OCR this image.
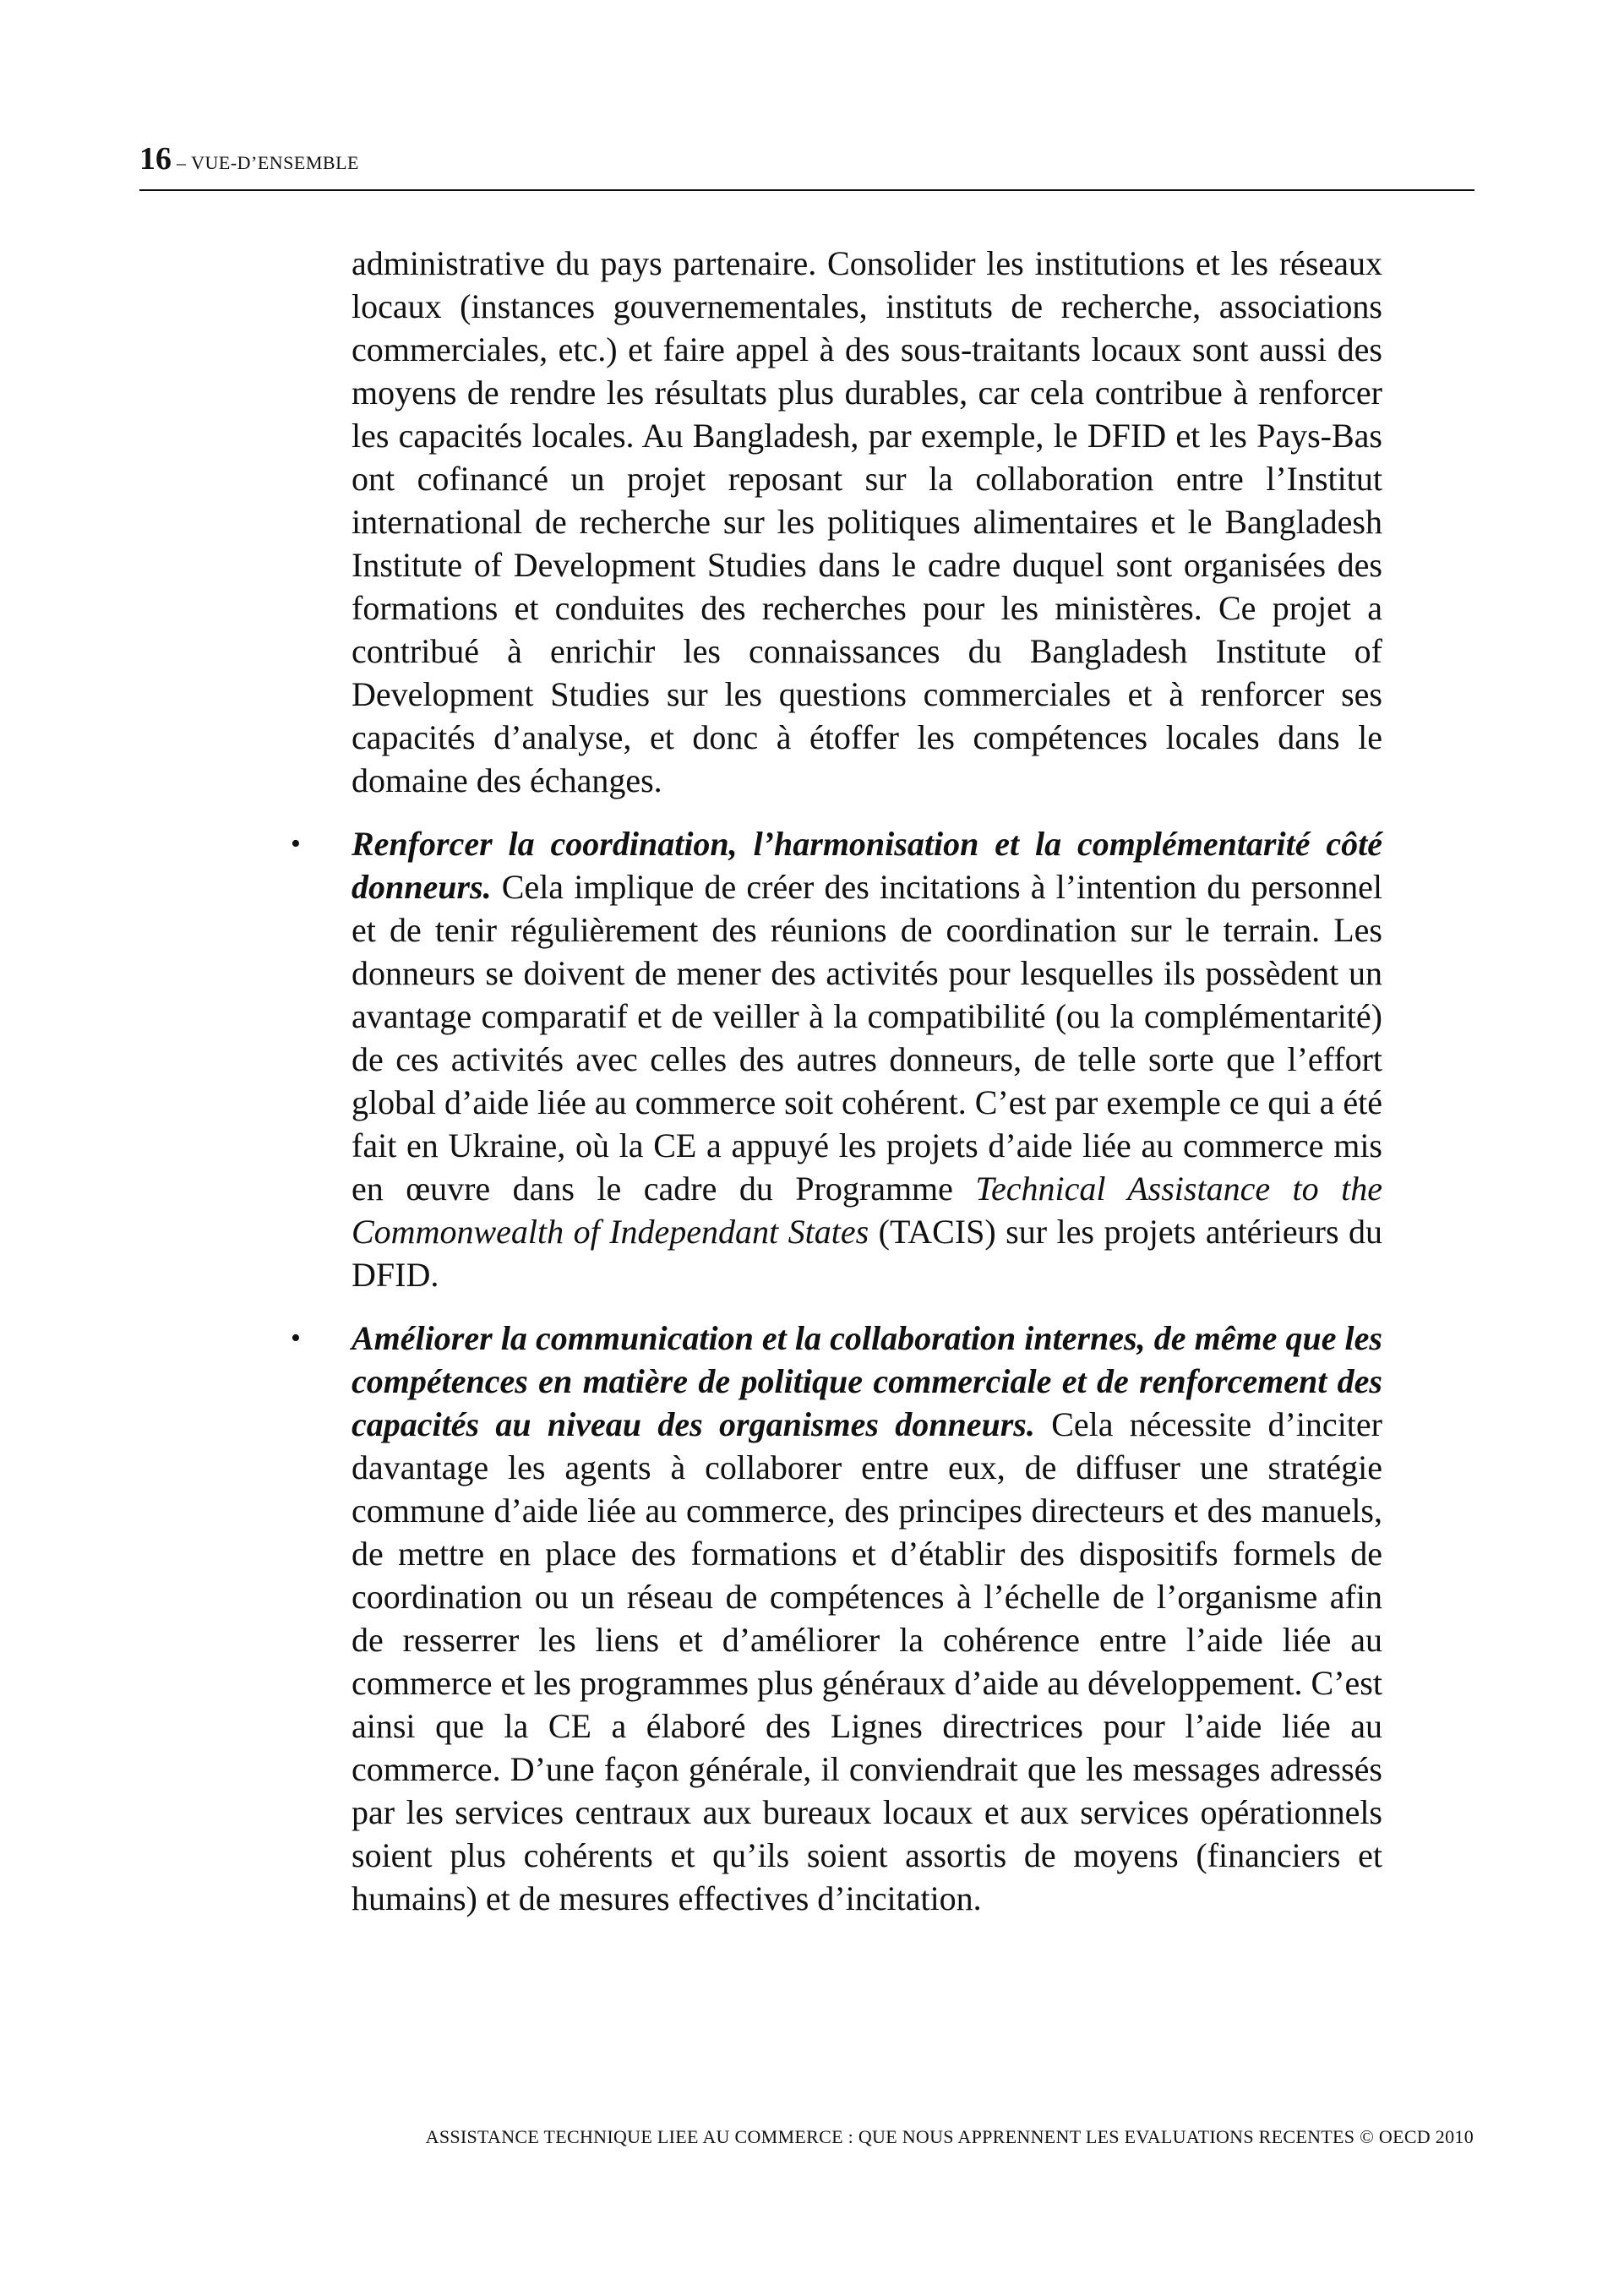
16 – VUE-D’ENSEMBLE

administrative du pays partenaire. Consolider les institutions et les réseaux locaux (instances gouvernementales, instituts de recherche, associations commerciales, etc.) et faire appel à des sous-traitants locaux sont aussi des moyens de rendre les résultats plus durables, car cela contribue à renforcer les capacités locales. Au Bangladesh, par exemple, le DFID et les Pays-Bas ont cofinancé un projet reposant sur la collaboration entre l’Institut international de recherche sur les politiques alimentaires et le Bangladesh Institute of Development Studies dans le cadre duquel sont organisées des formations et conduites des recherches pour les ministères. Ce projet a contribué à enrichir les connaissances du Bangladesh Institute of Development Studies sur les questions commerciales et à renforcer ses capacités d’analyse, et donc à étoffer les compétences locales dans le domaine des échanges.

• Renforcer la coordination, l’harmonisation et la complémentarité côté donneurs. Cela implique de créer des incitations à l’intention du personnel et de tenir régulièrement des réunions de coordination sur le terrain. Les donneurs se doivent de mener des activités pour lesquelles ils possèdent un avantage comparatif et de veiller à la compatibilité (ou la complémentarité) de ces activités avec celles des autres donneurs, de telle sorte que l’effort global d’aide liée au commerce soit cohérent. C’est par exemple ce qui a été fait en Ukraine, où la CE a appuyé les projets d’aide liée au commerce mis en œuvre dans le cadre du Programme Technical Assistance to the Commonwealth of Independant States (TACIS) sur les projets antérieurs du DFID.

• Améliorer la communication et la collaboration internes, de même que les compétences en matière de politique commerciale et de renforcement des capacités au niveau des organismes donneurs. Cela nécessite d’inciter davantage les agents à collaborer entre eux, de diffuser une stratégie commune d’aide liée au commerce, des principes directeurs et des manuels, de mettre en place des formations et d’établir des dispositifs formels de coordination ou un réseau de compétences à l’échelle de l’organisme afin de resserrer les liens et d’améliorer la cohérence entre l’aide liée au commerce et les programmes plus généraux d’aide au développement. C’est ainsi que la CE a élaboré des Lignes directrices pour l’aide liée au commerce. D’une façon générale, il conviendrait que les messages adressés par les services centraux aux bureaux locaux et aux services opérationnels soient plus cohérents et qu’ils soient assortis de moyens (financiers et humains) et de mesures effectives d’incitation.

ASSISTANCE TECHNIQUE LIEE AU COMMERCE : QUE NOUS APPRENNENT LES EVALUATIONS RECENTES © OECD 2010
